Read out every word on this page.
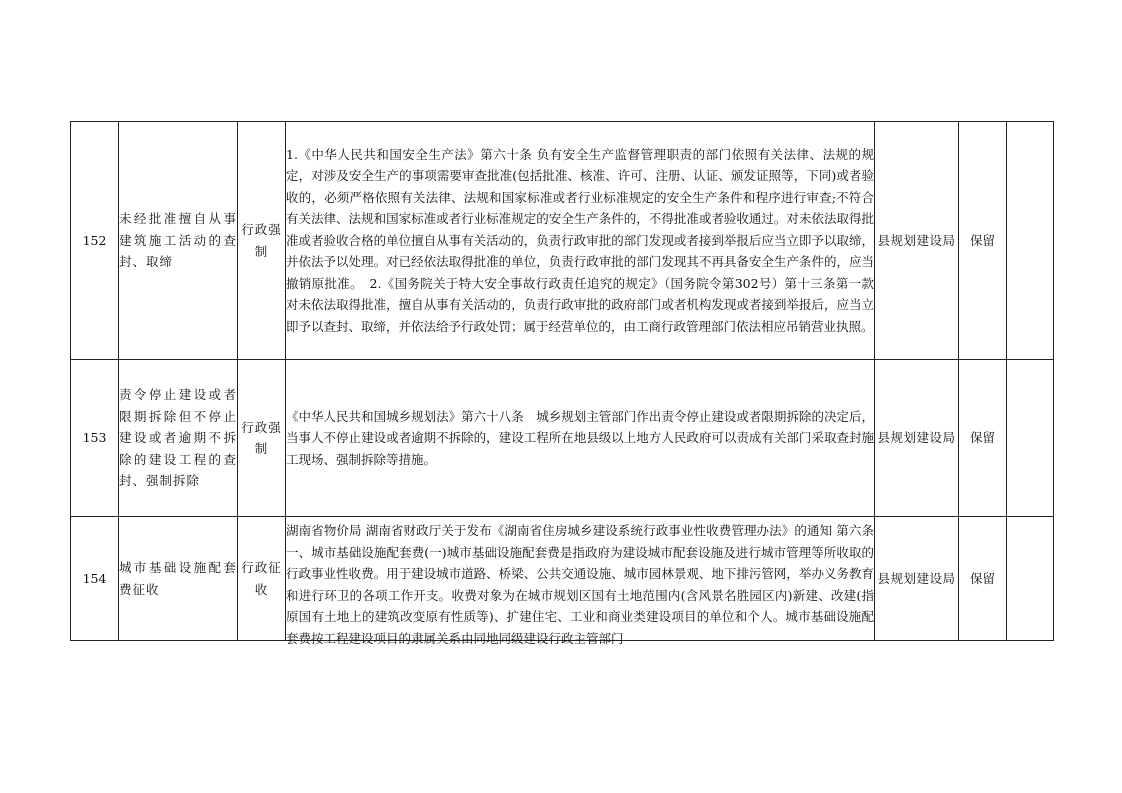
152	未经批准擅自从事建筑施工活动的查封、取缔	行政强制	1.《中华人民共和国安全生产法》第六十条 负有安全生产监督管理职责的部门依照有关法律、法规的规定，对涉及安全生产的事项需要审查批准(包括批准、核准、许可、注册、认证、颁发证照等，下同)或者验收的，必须严格依照有关法律、法规和国家标准或者行业标准规定的安全生产条件和程序进行审查;不符合有关法律、法规和国家标准或者行业标准规定的安全生产条件的，不得批准或者验收通过。对未依法取得批准或者验收合格的单位擅自从事有关活动的，负责行政审批的部门发现或者接到举报后应当立即予以取缔，并依法予以处理。对已经依法取得批准的单位，负责行政审批的部门发现其不再具备安全生产条件的，应当撤销原批准。　2.《国务院关于特大安全事故行政责任追究的规定》（国务院令第302号）第十三条第一款 对未依法取得批准，擅自从事有关活动的，负责行政审批的政府部门或者机构发现或者接到举报后，应当立即予以查封、取缔，并依法给予行政处罚；属于经营单位的，由工商行政管理部门依法相应吊销营业执照。	县规划建设局	保留	
153	责令停止建设或者限期拆除但不停止建设或者逾期不拆除的建设工程的查封、强制拆除	行政强制	《中华人民共和国城乡规划法》第六十八条　城乡规划主管部门作出责令停止建设或者限期拆除的决定后，当事人不停止建设或者逾期不拆除的，建设工程所在地县级以上地方人民政府可以责成有关部门采取查封施工现场、强制拆除等措施。	县规划建设局	保留	
154	城市基础设施配套费征收	行政征收	湖南省物价局 湖南省财政厅关于发布《湖南省住房城乡建设系统行政事业性收费管理办法》的通知 第六条 一、城市基础设施配套费(一)城市基础设施配套费是指政府为建设城市配套设施及进行城市管理等所收取的行政事业性收费。用于建设城市道路、桥梁、公共交通设施、城市园林景观、地下排污管网，举办义务教育和进行环卫的各项工作开支。收费对象为在城市规划区国有土地范围内(含风景名胜园区内)新建、改建(指原国有土地上的建筑改变原有性质等)、扩建住宅、工业和商业类建设项目的单位和个人。城市基础设施配套费按工程建设项目的隶属关系由同地同级建设行政主管部门	县规划建设局	保留	
